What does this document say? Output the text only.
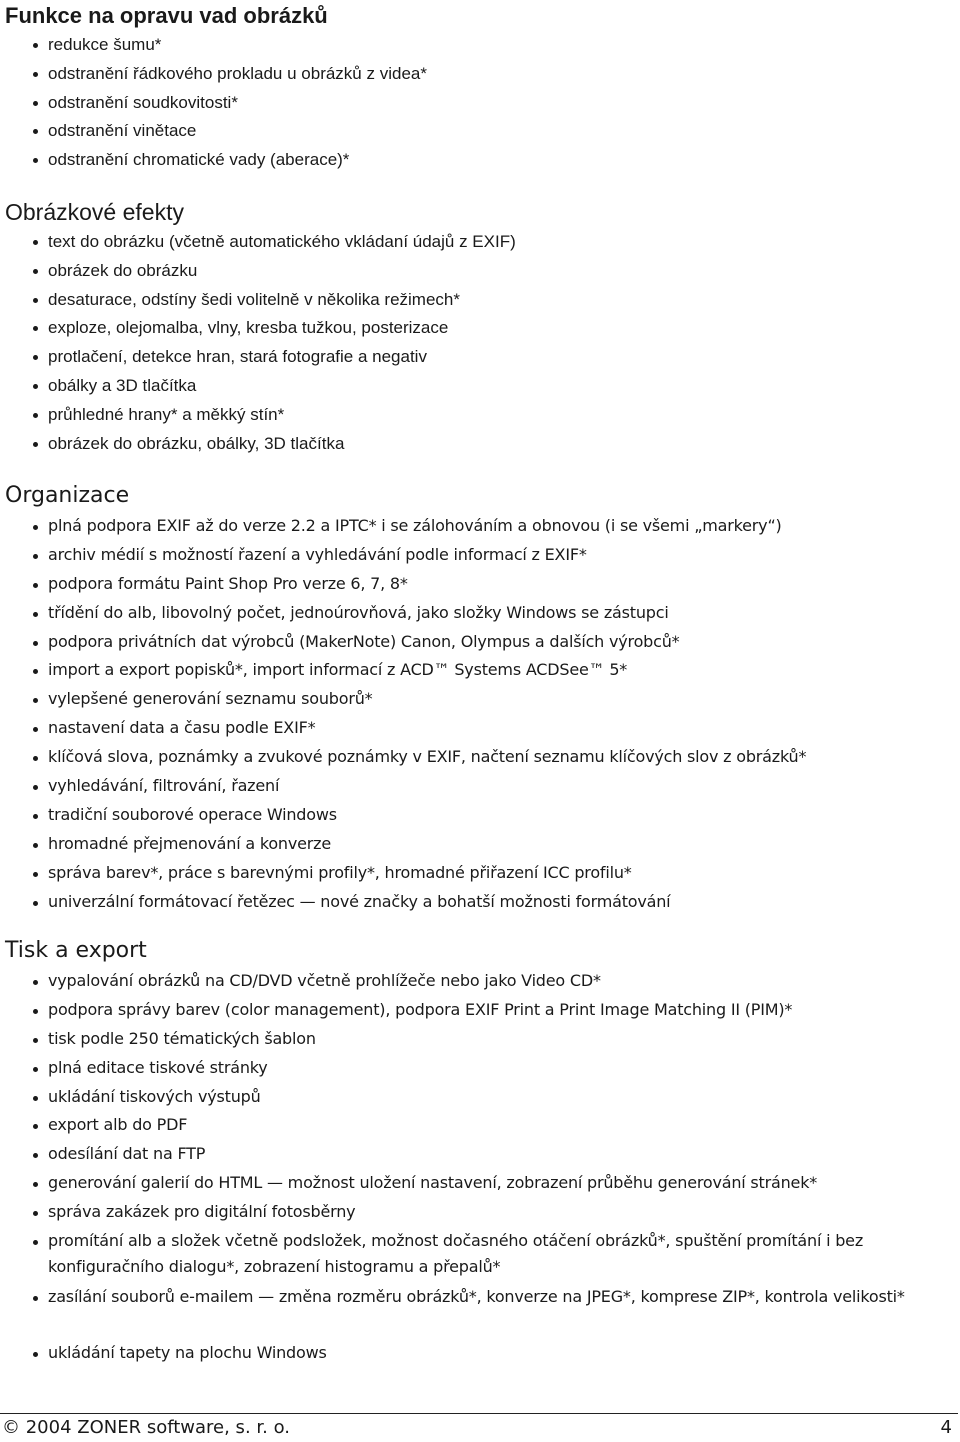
Funkce na opravu vad obrázků
redukce šumu*
odstranění řádkového prokladu u obrázků z videa*
odstranění soudkovitosti*
odstranění vinětace
odstranění chromatické vady (aberace)*
Obrázkové efekty
text do obrázku (včetně automatického vkládaní údajů z EXIF)
obrázek do obrázku
desaturace, odstíny šedi volitelně v několika režimech*
exploze, olejomalba, vlny, kresba tužkou, posterizace
protlačení, detekce hran, stará fotografie a negativ
obálky a 3D tlačítka
průhledné hrany* a měkký stín*
obrázek do obrázku, obálky, 3D tlačítka
Organizace
plná podpora EXIF až do verze 2.2 a IPTC* i se zálohováním a obnovou (i se všemi „markery“)
archiv médií s možností řazení a vyhledávání podle informací z EXIF*
podpora formátu Paint Shop Pro verze 6, 7, 8*
třídění do alb, libovolný počet, jednoúrovňová, jako složky Windows se zástupci
podpora privátních dat výrobců (MakerNote) Canon, Olympus a dalších výrobců*
import a export popisků*, import informací z ACD™ Systems ACDSee™ 5*
vylepšené generování seznamu souborů*
nastavení data a času podle EXIF*
klíčová slova, poznámky a zvukové poznámky v EXIF, načtení seznamu klíčových slov z obrázků*
vyhledávání, filtrování, řazení
tradiční souborové operace Windows
hromadné přejmenování a konverze
správa barev*, práce s barevnými profily*, hromadné přiřazení ICC profilu*
univerzální formátovací řetězec — nové značky a bohatší možnosti formátování
Tisk a export
vypalování obrázků na CD/DVD včetně prohlížeče nebo jako Video CD*
podpora správy barev (color management), podpora EXIF Print a Print Image Matching II (PIM)*
tisk podle 250 tématických šablon
plná editace tiskové stránky
ukládání tiskových výstupů
export alb do PDF
odesílání dat na FTP
generování galerií do HTML — možnost uložení nastavení, zobrazení průběhu generování stránek*
správa zakázek pro digitální fotosběrny
promítání alb a složek včetně podsložek, možnost dočasného otáčení obrázků*, spuštění promítání i bez konfiguračního dialogu*, zobrazení histogramu a přepalů*
zasílání souborů e-mailem — změna rozměru obrázků*, konverze na JPEG*, komprese ZIP*, kontrola velikosti*
ukládání tapety na plochu Windows
© 2004 ZONER software, s. r. o.	4
